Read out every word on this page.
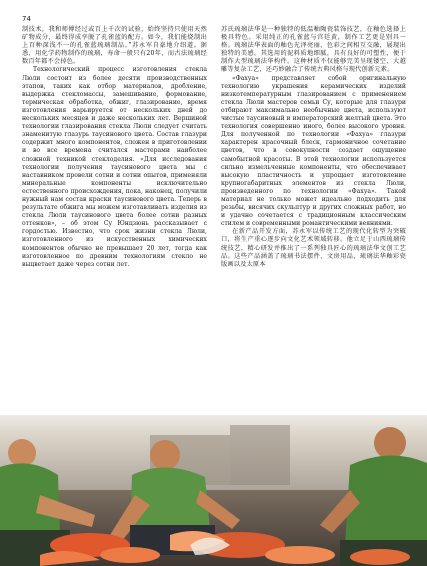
74

制技术，我和师傅经过或百上千次的试验，始终坚持只使用天然矿物成分，最终得成孪脱了孔雀蓝的配方。如今，我们能烧制出上百种深浅不一的孔雀蓝琉璃制品。”苏永军自豪地介绍道。据悉，用化学药物制作的琉璃，寿命一般只有20年，而古法琉璃经数百年都不会掉色。

Технологический процесс изготовления стекла Люли состоит из более десяти производственных этапов, таких как отбор материалов, дробление, выдержка стекломассы, замешивание, формование, термическая обработка, обжиг, глазирование, время изготовления варьируется от нескольких дней до нескольких месяцев и даже нескольких лет. Вершиной технологии глазирования стекла Люли следует считать знаменитую глазурь таусинового цвета. Состав глазури содержит много компонентов, сложен в приготовлении и во все времена считался мастерами наиболее сложной техникой стеклоделия. «Для исследования технологии получения таусинового цвета мы с наставником провели сотни и сотни опытов, применяли минеральные компоненты исключительно естественного происхождения, пока, наконец, получили нужный нам состав краски таусинового цвета. Теперь в результате обжига мы можем изготавливать изделия из стекла Люли таусинового цвета более сотни разных оттенков», – об этом Су Юнцзюнь рассказывает с гордостью. Известно, что срок жизни стекла Люли, изготовленного из искусственных химических компонентов обычно не превышает 20 лет, тогда как изготовленное по древним технологиям стекло не выцветает даже через сотни лет.

苏氏琉璃法华是一种独特的低温釉陶瓷装饰技艺，在釉色选择上极具特色。采用纯正的孔雀蓝与宫廷黄，制作工艺更是别具一格。琉璃法华表面的釉色光泽亮丽，色彩之间相互交融，展现出独特的美感。其选用的泥料质地细腻，具有良好的可塑性，便于制作大型琉璃法华构件。这种材质不仅能够完美呈现镂空、大越雕等复杂工艺，还巧妙融合了传统古典风格与现代创新元素。

«Фахуа» представляет собой оригинальную технологию украшения керамических изделий низкотемпературным глазированием с применением стекла Люли мастеров семьи Су, которые для глазури отбирают максимально необычные цвета, используют чистые таусиновый и императорский желтый цвета. Это технология совершенно иного, более высокого уровня. Для полученной по технологии «Фахуа» глазури характерен красочный блеск, гармоничное сочетание цветов, что в совокупности создает ощущение самобытной красоты. В этой технологии используется сильно измельченные компоненты, что обеспечивает высокую пластичность и упрощает изготовление крупногабаритных элементов из стекла Люли, произведенного по технологии «Фахуа». Такой материал не только может идеально подходить для резьбы, висячих скульптур и других сложных работ, но и удачно сочетается с традиционным классическим стилем и современными романтическими веяниями.

在新产品开发方面，苏永军以传统工艺的现代化转型为突破口，将生产重心逐步向文化艺术领域转移。他立足于山西琉璃传统技艺，精心研发并推出了一系列独具匠心的琉璃法华文创工艺品。这些产品涵盖了琉璃书法摆件、文房用品、琉璃法华釉彩瓷版画以及太原本
